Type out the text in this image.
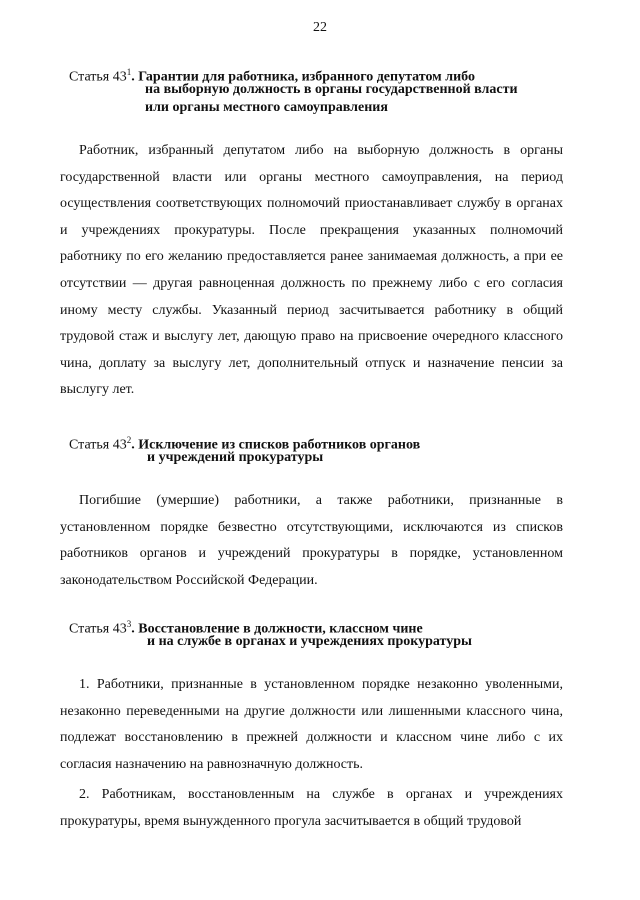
22
Статья $43^1$. Гарантии для работника, избранного депутатом либо
на выборную должность в органы государственной власти
или органы местного самоуправления

Работник, избранный депутатом либо на выборную должность в органы государственной власти или органы местного самоуправления, на период осуществления соответствующих полномочий приостанавливает службу в органах и учреждениях прокуратуры. После прекращения указанных полномочий работнику по его желанию предоставляется ранее занимаемая должность, а при ее отсутствии — другая равноценная должность по прежнему либо с его согласия иному месту службы. Указанный период засчитывается работнику в общий трудовой стаж и выслугу лет, дающую право на присвоение очередного классного чина, доплату за выслугу лет, дополнительный отпуск и назначение пенсии за выслугу лет.

Статья $43^2$. Исключение из списков работников органов
и учреждений прокуратуры

Погибшие (умершие) работники, а также работники, признанные в установленном порядке безвестно отсутствующими, исключаются из списков работников органов и учреждений прокуратуры в порядке, установленном законодательством Российской Федерации.

Статья $43^3$. Восстановление в должности, классном чине
и на службе в органах и учреждениях прокуратуры

1. Работники, признанные в установленном порядке незаконно уволенными, незаконно переведенными на другие должности или лишенными классного чина, подлежат восстановлению в прежней должности и классном чине либо с их согласия назначению на равнозначную должность.

2. Работникам, восстановленным на службе в органах и учреждениях прокуратуры, время вынужденного прогула засчитывается в общий трудовой
